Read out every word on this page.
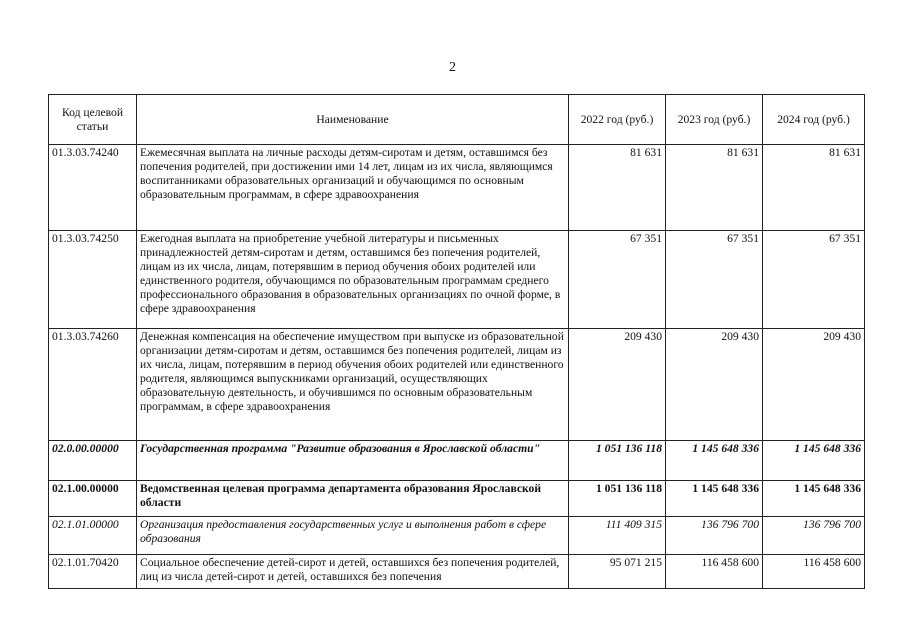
2
Код целевой статьи	Наименование	2022 год (руб.)	2023 год (руб.)	2024 год (руб.)
01.3.03.74240	Ежемесячная выплата на личные расходы детям-сиротам и детям, оставшимся без попечения родителей, при достижении ими 14 лет, лицам из их числа, являющимся воспитанниками образовательных организаций и обучающимся по основным образовательным программам, в сфере здравоохранения	81 631	81 631	81 631
01.3.03.74250	Ежегодная выплата на приобретение учебной литературы и письменных принадлежностей детям-сиротам и детям, оставшимся без попечения родителей, лицам из их числа, лицам, потерявшим в период обучения обоих родителей или единственного родителя, обучающимся по образовательным программам среднего профессионального образования в образовательных организациях по очной форме, в сфере здравоохранения	67 351	67 351	67 351
01.3.03.74260	Денежная компенсация на обеспечение имуществом при выпуске из образовательной организации детям-сиротам и детям, оставшимся без попечения родителей, лицам из их числа, лицам, потерявшим в период обучения обоих родителей или единственного родителя, являющимся выпускниками организаций, осуществляющих образовательную деятельность, и обучившимся по основным образовательным программам, в сфере здравоохранения	209 430	209 430	209 430
02.0.00.00000	Государственная программа "Развитие образования в Ярославской области"	1 051 136 118	1 145 648 336	1 145 648 336
02.1.00.00000	Ведомственная целевая программа департамента образования Ярославской области	1 051 136 118	1 145 648 336	1 145 648 336
02.1.01.00000	Организация предоставления государственных услуг и выполнения работ в сфере образования	111 409 315	136 796 700	136 796 700
02.1.01.70420	Социальное обеспечение детей-сирот и детей, оставшихся без попечения родителей, лиц из числа детей-сирот и детей, оставшихся без попечения	95 071 215	116 458 600	116 458 600
